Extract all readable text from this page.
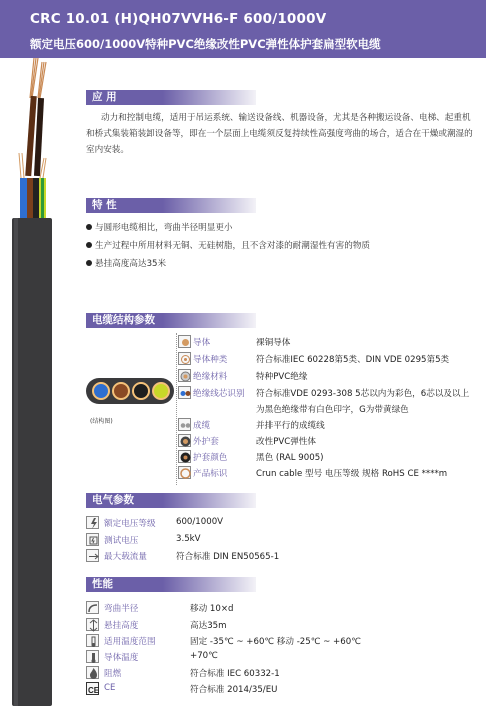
CRC 10.01 (H)QH07VVH6-F 600/1000V
额定电压600/1000V特种PVC绝缘改性PVC弹性体护套扁型软电缆
应 用
动力和控制电缆，适用于吊运系统、输送设备线、机器设备，尤其是各种搬运设备、电梯、起重机和桥式集装箱装卸设备等，即在一个层面上电缆须反复持续性高强度弯曲的场合，适合在干燥或潮湿的室内安装。
特 性
与圆形电缆相比，弯曲半径明显更小
生产过程中所用材料无铜、无硅树脂，且不含对漆的耐潮湿性有害的物质
悬挂高度高达35米
电缆结构参数
(结构图)
导体	裸铜导体
导体种类	符合标准IEC 60228第5类、DIN VDE 0295第5类
绝缘材料	特种PVC绝缘
绝缘线芯识别 符合标准VDE 0293-308 5芯以内为彩色，6芯以及以上
为黑色绝缘带有白色印字，G为带黄绿色
成缆	并排平行的成缆线
外护套	改性PVC弹性体
护套颜色	黑色 (RAL 9005)
产品标识	Crun cable 型号 电压等级 规格 RoHS CE ****m
电气参数
额定电压等级 600/1000V
测试电压	3.5kV
最大载流量	符合标准 DIN EN50565-1
性能
弯曲半径	移动 10×d
悬挂高度	高达35m
适用温度范围	固定 -35℃ ~ +60℃ 移动 -25℃ ~ +60℃
导体温度	+70℃
阻燃	符合标准 IEC 60332-1
CE CE	符合标准 2014/35/EU
